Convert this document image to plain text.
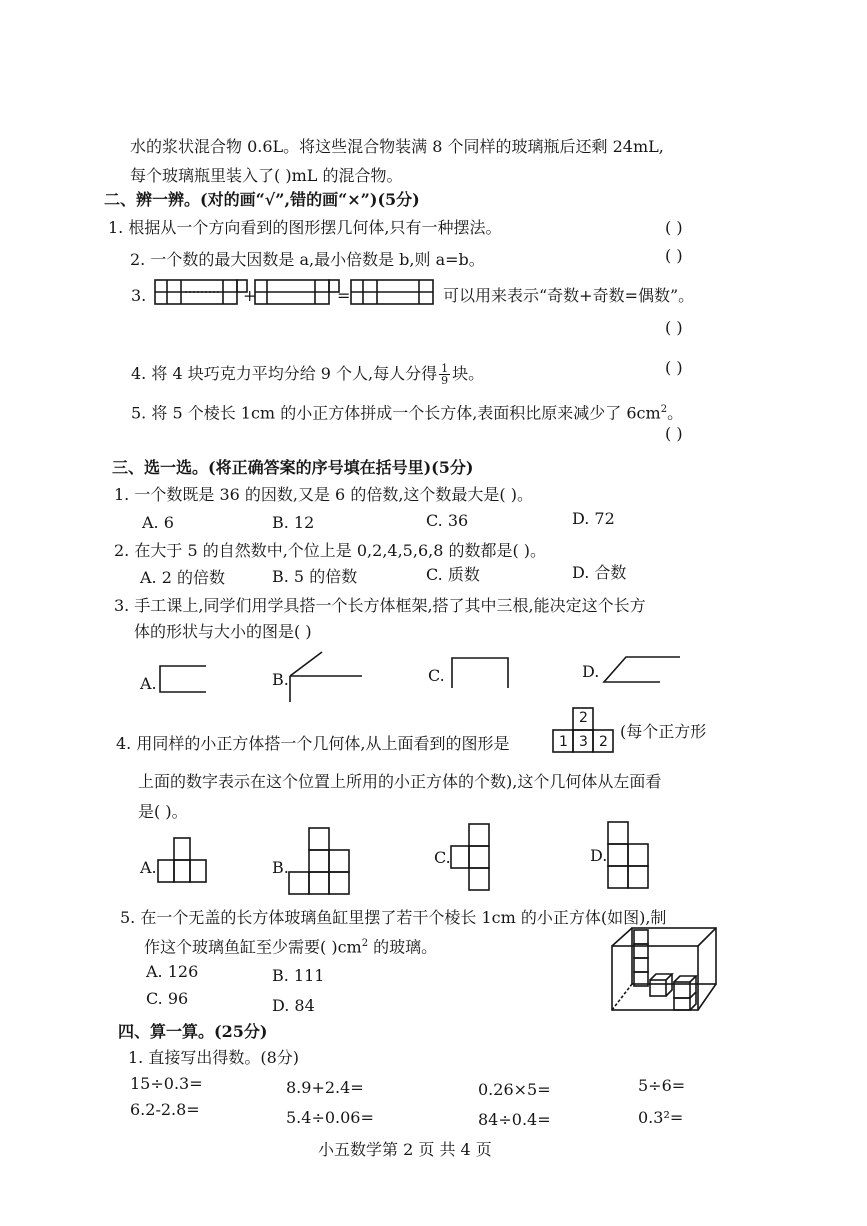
水的浆状混合物 0.6L。将这些混合物装满 8 个同样的玻璃瓶后还剩 24mL,
每个玻璃瓶里装入了( )mL 的混合物。
二、辨一辨。(对的画“√”,错的画“×”)(5分)
1. 根据从一个方向看到的图形摆几何体,只有一种摆法。	( )
2. 一个数的最大因数是 a,最小倍数是 b,则 a=b。	( )
3.	+	=	可以用来表示“奇数+奇数=偶数”。
( )
4. 将 4 块巧克力平均分给 9 个人,每人分得 $\frac{1}{9}$ 块。	( )
5. 将 5 个棱长 1cm 的小正方体拼成一个长方体,表面积比原来减少了 $6cm^2$。
( )
三、选一选。(将正确答案的序号填在括号里)(5分)
1. 一个数既是 36 的因数,又是 6 的倍数,这个数最大是( )。
A. 6	B. 12	C. 36	D. 72
2. 在大于 5 的自然数中,个位上是 0,2,4,5,6,8 的数都是( )。
A. 2 的倍数	B. 5 的倍数	C. 质数	D. 合数
3. 手工课上,同学们用学具搭一个长方体框架,搭了其中三根,能决定这个长方
体的形状与大小的图是( )
A.	B.	C.	D.
4. 用同样的小正方体搭一个几何体,从上面看到的图形是
2
1 3 2
(每个正方形
上面的数字表示在这个位置上所用的小正方体的个数),这个几何体从左面看
是( )。
A.	B.
C.	D.
5. 在一个无盖的长方体玻璃鱼缸里摆了若干个棱长 1cm 的小正方体(如图),制
作这个玻璃鱼缸至少需要( )$cm^2$ 的玻璃。
A. 126	B. 111
C. 96	D. 84
四、算一算。(25分)
1. 直接写出得数。(8分)
15÷0.3=	8.9+2.4=	0.26×5=	5÷6=
6.2-2.8=	5.4÷0.06=	84÷0.4=	0.3²=
小五数学第 2 页 共 4 页
